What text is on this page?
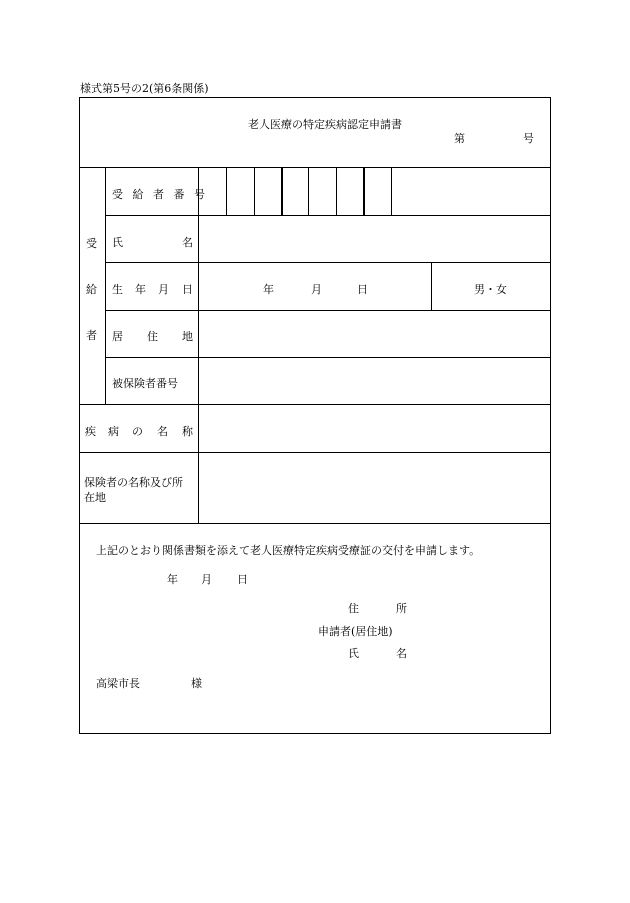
様式第5号の2(第6条関係)
老人医療の特定疾病認定申請書
第	号
受
給
者
受 給 者 番 号
氏	名
生 年 月 日	年	月	日	男・女
居 住 地
被保険者番号
疾 病 の 名 称
保険者の名称及び所
在地
上記のとおり関係書類を添えて老人医療特定疾病受療証の交付を申請します。
年 月 日
住	所
申請者(居住地)
氏	名
高梁市長	様
